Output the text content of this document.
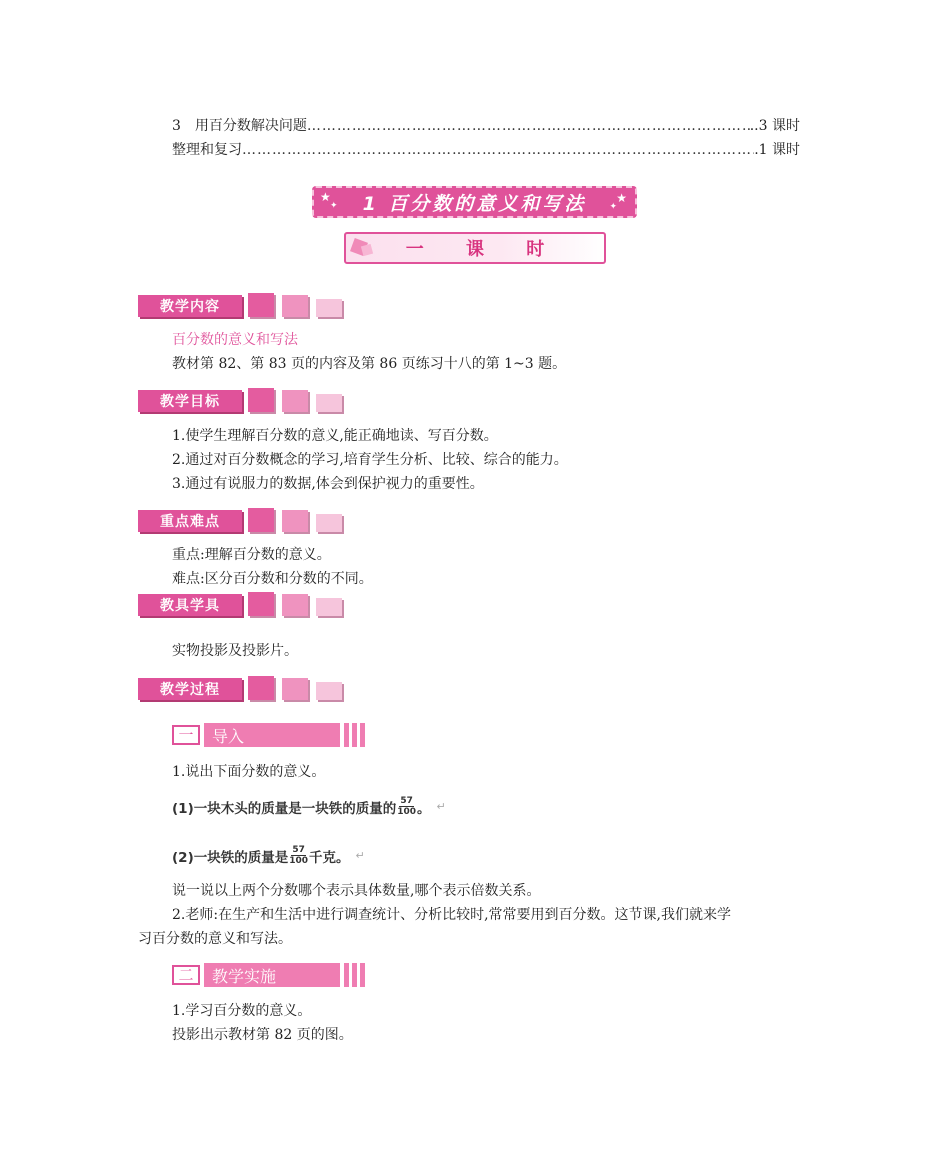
3　用百分数解决问题 ………………………………………………………………………………………………………………………………………	..3 课时
整理和复习 ………………………………………………………………………………………………………………………………………	.1 课时
★
✦
★
✦
1 百分数的意义和写法
一 课 时
教学内容
百分数的意义和写法
教材第 82、第 83 页的内容及第 86 页练习十八的第 1~3 题。
教学目标
1.使学生理解百分数的意义,能正确地读、写百分数。
2.通过对百分数概念的学习,培育学生分析、比较、综合的能力。
3.通过有说服力的数据,体会到保护视力的重要性。
重点难点
重点:理解百分数的意义。
难点:区分百分数和分数的不同。
教具学具
实物投影及投影片。
教学过程
一	导入
1.说出下面分数的意义。
(1)一块木头的质量是一块铁的质量的 $\frac{57}{100}$ 。 ↵
(2)一块铁的质量是 $\frac{57}{100}$ 千克。 ↵
说一说以上两个分数哪个表示具体数量,哪个表示倍数关系。
2.老师:在生产和生活中进行调查统计、分析比较时,常常要用到百分数。这节课,我们就来学
习百分数的意义和写法。
二	教学实施
1.学习百分数的意义。
投影出示教材第 82 页的图。
